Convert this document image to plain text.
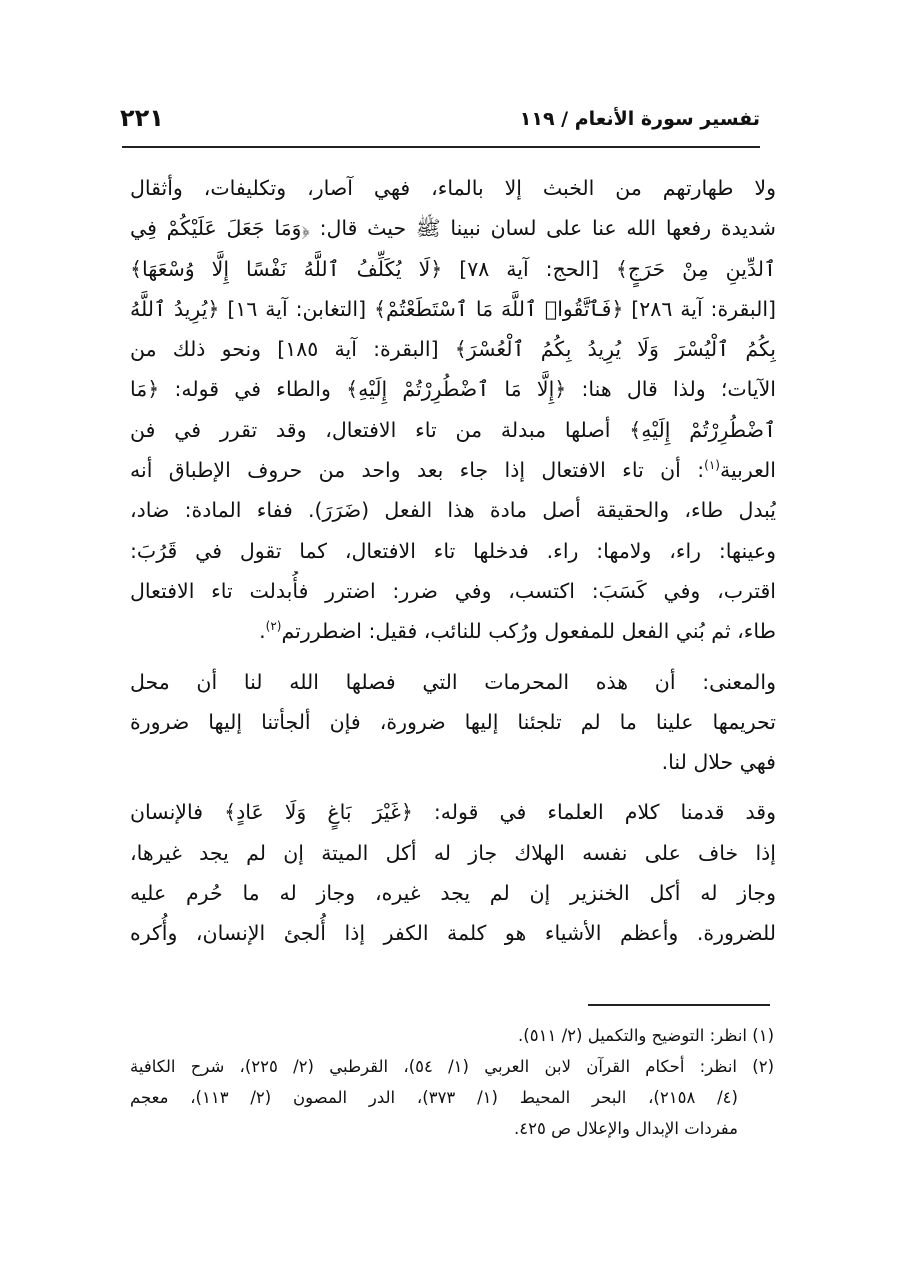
تفسير سورة الأنعام / ١١٩
٢٢١

ولا طهارتهم من الخبث إلا بالماء، فهي آصار، وتكليفات، وأثقال
شديدة رفعها الله عنا على لسان نبينا ﷺ حيث قال: ﴿وَمَا جَعَلَ عَلَيْكُمْ فِي
ٱلدِّينِ مِنْ حَرَجٍ﴾ [الحج: آية ٧٨] ﴿لَا يُكَلِّفُ ٱللَّهُ نَفْسًا إِلَّا وُسْعَهَا﴾
[البقرة: آية ٢٨٦] ﴿فَٱتَّقُوا۟ ٱللَّهَ مَا ٱسْتَطَعْتُمْ﴾ [التغابن: آية ١٦] ﴿يُرِيدُ ٱللَّهُ
بِكُمُ ٱلْيُسْرَ وَلَا يُرِيدُ بِكُمُ ٱلْعُسْرَ﴾ [البقرة: آية ١٨٥] ونحو ذلك من
الآيات؛ ولذا قال هنا: ﴿إِلَّا مَا ٱضْطُرِرْتُمْ إِلَيْهِ﴾ والطاء في قوله: ﴿مَا
ٱضْطُرِرْتُمْ إِلَيْهِ﴾ أصلها مبدلة من تاء الافتعال، وقد تقرر في فن
العربية$^{(١)}$: أن تاء الافتعال إذا جاء بعد واحد من حروف الإطباق أنه
يُبدل طاء، والحقيقة أصل مادة هذا الفعل (ضَرَرَ). ففاء المادة: ضاد،
وعينها: راء، ولامها: راء. فدخلها تاء الافتعال، كما تقول في قَرُبَ:
اقترب، وفي كَسَبَ: اكتسب، وفي ضرر: اضترر فأُبدلت تاء الافتعال
طاء، ثم بُني الفعل للمفعول ورُكب للنائب، فقيل: اضطررتم$^{(٢)}$.

والمعنى: أن هذه المحرمات التي فصلها الله لنا أن محل
تحريمها علينا ما لم تلجئنا إليها ضرورة، فإن ألجأتنا إليها ضرورة
فهي حلال لنا.

وقد قدمنا كلام العلماء في قوله: ﴿غَيْرَ بَاغٍ وَلَا عَادٍ﴾ فالإنسان
إذا خاف على نفسه الهلاك جاز له أكل الميتة إن لم يجد غيرها،
وجاز له أكل الخنزير إن لم يجد غيره، وجاز له ما حُرم عليه
للضرورة. وأعظم الأشياء هو كلمة الكفر إذا أُلجئ الإنسان، وأُكره

(١) انظر: التوضيح والتكميل (٢/ ٥١١).

(٢) انظر: أحكام القرآن لابن العربي (١/ ٥٤)، القرطبي (٢/ ٢٢٥)، شرح الكافية
(٤/ ٢١٥٨)، البحر المحيط (١/ ٣٧٣)، الدر المصون (٢/ ١١٣)، معجم
مفردات الإبدال والإعلال ص ٤٢٥.
